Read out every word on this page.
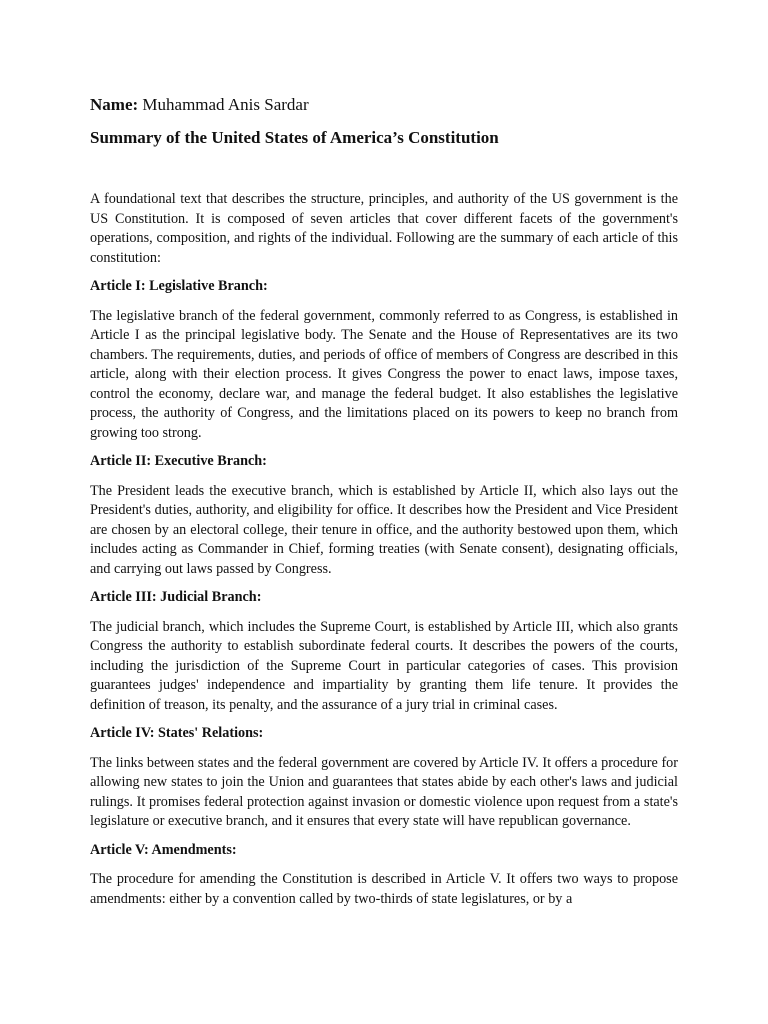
Name: Muhammad Anis Sardar
Summary of the United States of America’s Constitution

A foundational text that describes the structure, principles, and authority of the US government is the US Constitution. It is composed of seven articles that cover different facets of the government's operations, composition, and rights of the individual. Following are the summary of each article of this constitution:

Article I: Legislative Branch:

The legislative branch of the federal government, commonly referred to as Congress, is established in Article I as the principal legislative body. The Senate and the House of Representatives are its two chambers. The requirements, duties, and periods of office of members of Congress are described in this article, along with their election process. It gives Congress the power to enact laws, impose taxes, control the economy, declare war, and manage the federal budget. It also establishes the legislative process, the authority of Congress, and the limitations placed on its powers to keep no branch from growing too strong.

Article II: Executive Branch:

The President leads the executive branch, which is established by Article II, which also lays out the President's duties, authority, and eligibility for office. It describes how the President and Vice President are chosen by an electoral college, their tenure in office, and the authority bestowed upon them, which includes acting as Commander in Chief, forming treaties (with Senate consent), designating officials, and carrying out laws passed by Congress.

Article III: Judicial Branch:

The judicial branch, which includes the Supreme Court, is established by Article III, which also grants Congress the authority to establish subordinate federal courts. It describes the powers of the courts, including the jurisdiction of the Supreme Court in particular categories of cases. This provision guarantees judges' independence and impartiality by granting them life tenure. It provides the definition of treason, its penalty, and the assurance of a jury trial in criminal cases.

Article IV: States' Relations:

The links between states and the federal government are covered by Article IV. It offers a procedure for allowing new states to join the Union and guarantees that states abide by each other's laws and judicial rulings. It promises federal protection against invasion or domestic violence upon request from a state's legislature or executive branch, and it ensures that every state will have republican governance.

Article V: Amendments:

The procedure for amending the Constitution is described in Article V. It offers two ways to propose amendments: either by a convention called by two-thirds of state legislatures, or by a
